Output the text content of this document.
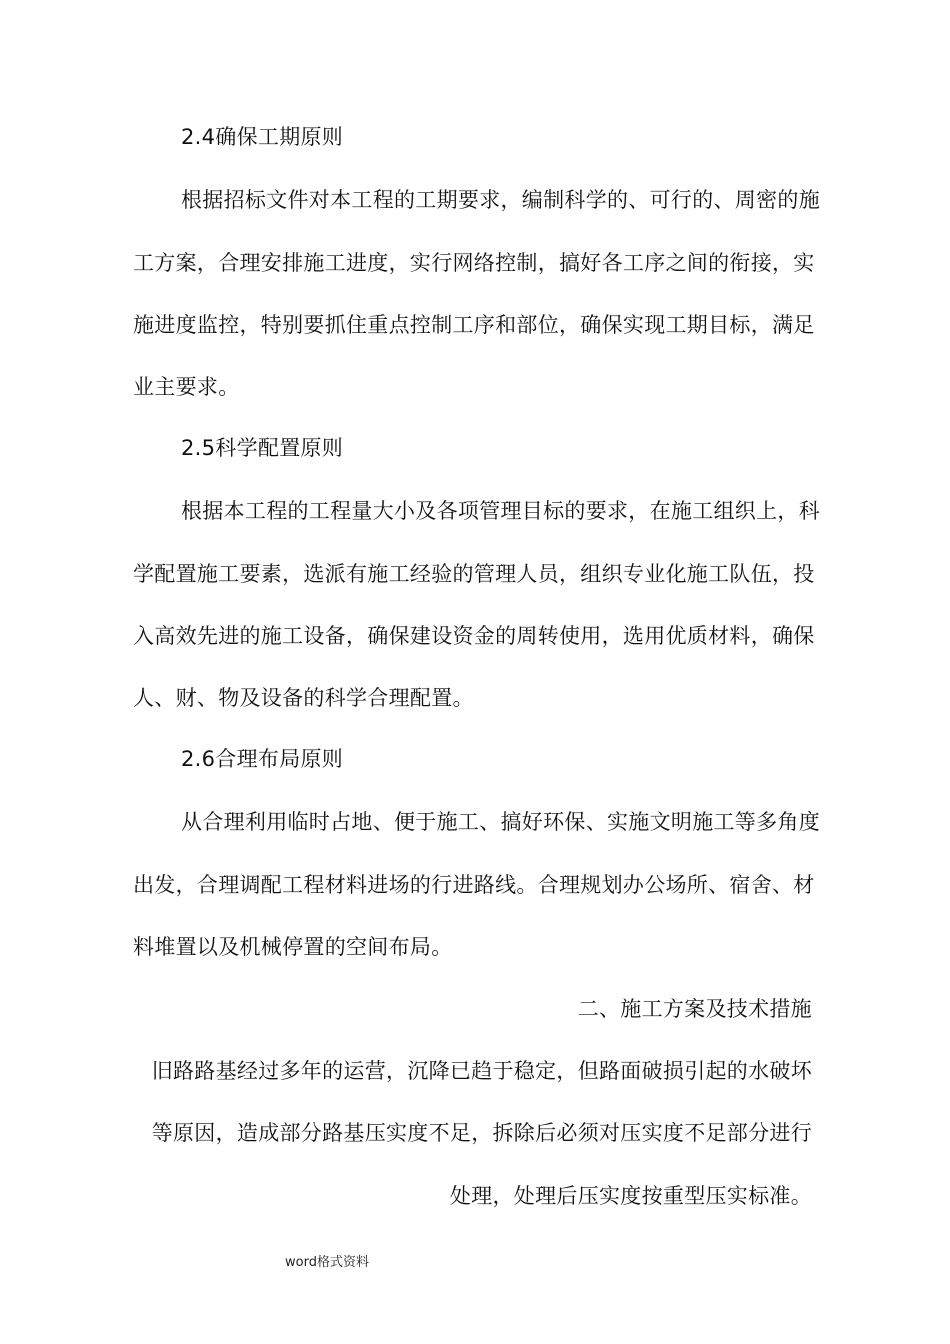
2.4确保工期原则
根据招标文件对本工程的工期要求，编制科学的、可行的、周密的施
工方案，合理安排施工进度，实行网络控制，搞好各工序之间的衔接，实
施进度监控，特别要抓住重点控制工序和部位，确保实现工期目标，满足
业主要求。
2.5科学配置原则
根据本工程的工程量大小及各项管理目标的要求，在施工组织上，科
学配置施工要素，选派有施工经验的管理人员，组织专业化施工队伍，投
入高效先进的施工设备，确保建设资金的周转使用，选用优质材料，确保
人、财、物及设备的科学合理配置。
2.6合理布局原则
从合理利用临时占地、便于施工、搞好环保、实施文明施工等多角度
出发，合理调配工程材料进场的行进路线。合理规划办公场所、宿舍、材
料堆置以及机械停置的空间布局。
二、施工方案及技术措施
旧路路基经过多年的运营，沉降已趋于稳定，但路面破损引起的水破坏
等原因，造成部分路基压实度不足，拆除后必须对压实度不足部分进行
处理，处理后压实度按重型压实标准。
word格式资料
